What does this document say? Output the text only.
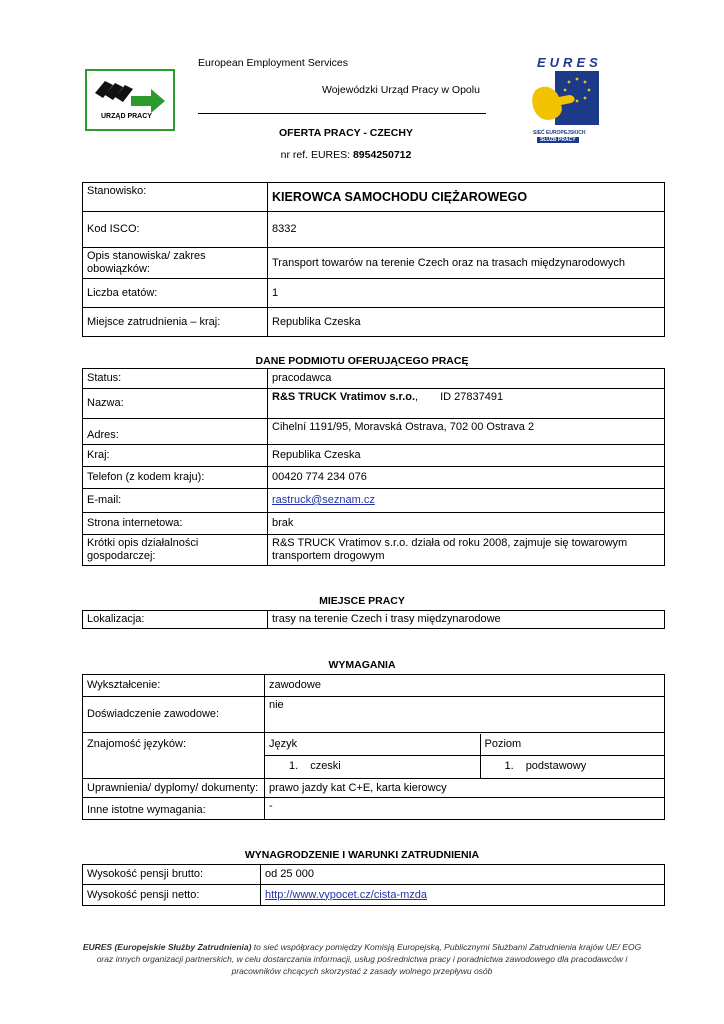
European Employment Services
URZĄD PRACY
Wojewódzki Urząd Pracy w Opolu
EURES
SIEĆ EUROPEJSKICH
SŁUŻB PRACY
OFERTA PRACY - CZECHY
nr ref. EURES: 8954250712
Stanowisko:	KIEROWCA SAMOCHODU CIĘŻAROWEGO
Kod ISCO:	8332
Opis stanowiska/ zakres obowiązków:	Transport towarów na terenie Czech oraz na trasach międzynarodowych
Liczba etatów:	1
Miejsce zatrudnienia – kraj:	Republika Czeska
DANE PODMIOTU OFERUJĄCEGO PRACĘ
Status:	pracodawca
Nazwa:	R&S TRUCK Vratimov s.r.o., ID 27837491
Adres:	Cihelní 1191/95, Moravská Ostrava, 702 00 Ostrava 2
Kraj:	Republika Czeska
Telefon (z kodem kraju):	00420 774 234 076
E-mail:	rastruck@seznam.cz
Strona internetowa:	brak
Krótki opis działalności gospodarczej:	R&S TRUCK Vratimov s.r.o. działa od roku 2008, zajmuje się towarowym transportem drogowym
MIEJSCE PRACY
Lokalizacja:	trasy na terenie Czech i trasy międzynarodowe
WYMAGANIA
Wykształcenie:	zawodowe
Doświadczenie zawodowe:	nie
Znajomość języków:		Język	Poziom
1. czeski	1. podstawowy

Uprawnienia/ dyplomy/ dokumenty:	prawo jazdy kat C+E, karta kierowcy
Inne istotne wymagania:	-
WYNAGRODZENIE I WARUNKI ZATRUDNIENIA
Wysokość pensji brutto:	od 25 000
Wysokość pensji netto:	http://www.vypocet.cz/cista-mzda
EURES (Europejskie Służby Zatrudnienia) to sieć współpracy pomiędzy Komisją Europejską, Publicznymi Służbami Zatrudnienia krajów UE/ EOG
oraz innych organizacji partnerskich, w celu dostarczania informacji, usług pośrednictwa pracy i poradnictwa zawodowego dla pracodawców i
pracowników chcących skorzystać z zasady wolnego przepływu osób
